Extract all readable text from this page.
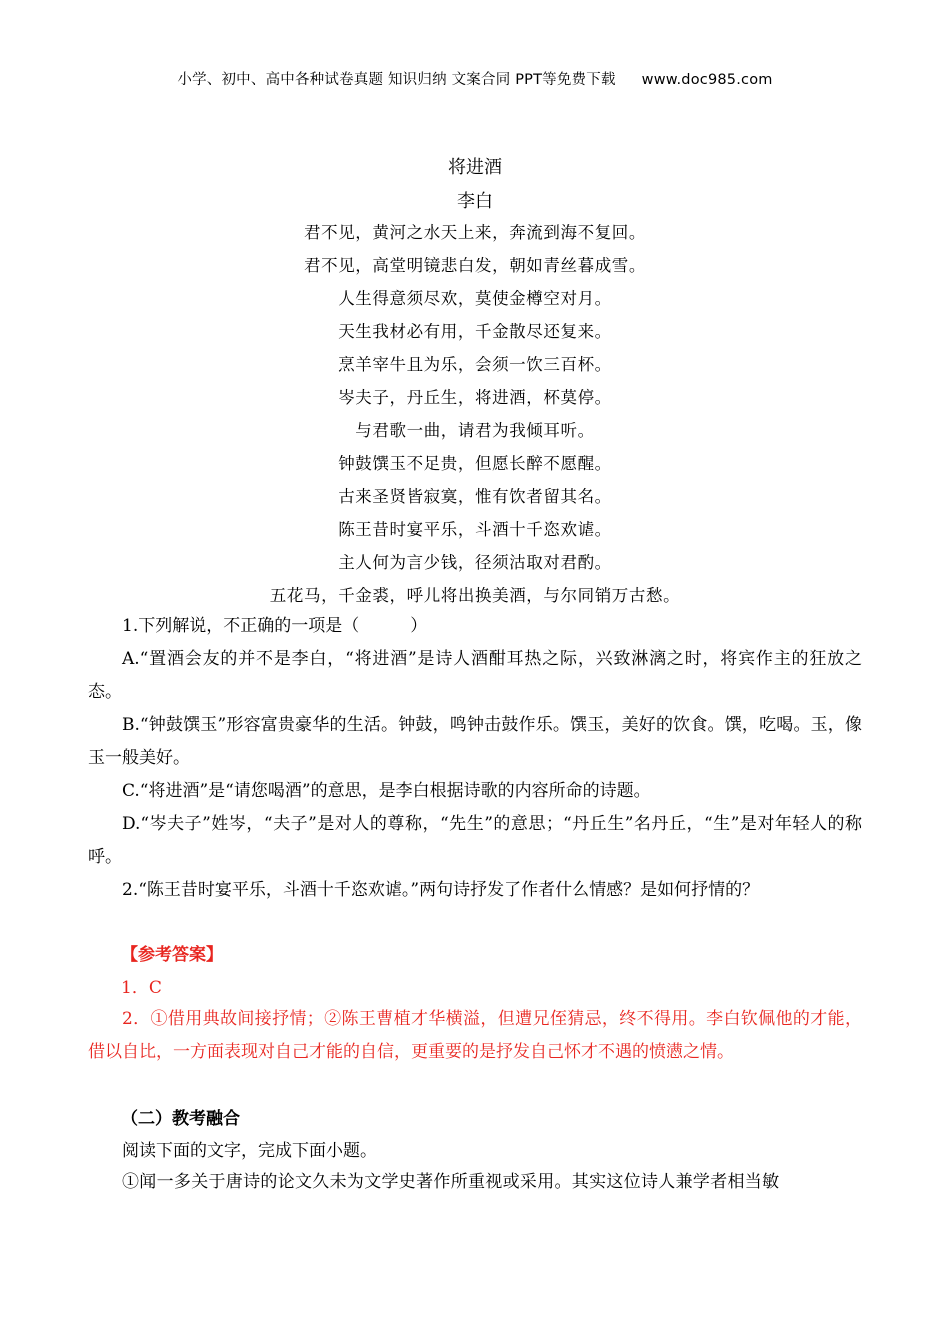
小学、初中、高中各种试卷真题 知识归纳 文案合同 PPT等免费下载 www.doc985.com
将进酒
李白
君不见，黄河之水天上来，奔流到海不复回。
君不见，高堂明镜悲白发，朝如青丝暮成雪。
人生得意须尽欢，莫使金樽空对月。
天生我材必有用，千金散尽还复来。
烹羊宰牛且为乐，会须一饮三百杯。
岑夫子，丹丘生，将进酒，杯莫停。
与君歌一曲，请君为我倾耳听。
钟鼓馔玉不足贵，但愿长醉不愿醒。
古来圣贤皆寂寞，惟有饮者留其名。
陈王昔时宴平乐，斗酒十千恣欢谑。
主人何为言少钱，径须沽取对君酌。
五花马，千金裘，呼儿将出换美酒，与尔同销万古愁。
1.下列解说，不正确的一项是（　　　）
A.“置酒会友的并不是李白，“将进酒”是诗人酒酣耳热之际，兴致淋漓之时，将宾作主的狂放之态。
B.“钟鼓馔玉”形容富贵豪华的生活。钟鼓，鸣钟击鼓作乐。馔玉，美好的饮食。馔，吃喝。玉，像玉一般美好。
C.“将进酒”是“请您喝酒”的意思，是李白根据诗歌的内容所命的诗题。
D.“岑夫子”姓岑，“夫子”是对人的尊称，“先生”的意思；“丹丘生”名丹丘，“生”是对年轻人的称呼。
2.“陈王昔时宴平乐，斗酒十千恣欢谑。”两句诗抒发了作者什么情感？是如何抒情的？
【参考答案】
1．C
2．①借用典故间接抒情；②陈王曹植才华横溢，但遭兄侄猜忌，终不得用。李白钦佩他的才能，借以自比，一方面表现对自己才能的自信，更重要的是抒发自己怀才不遇的愤懑之情。
（二）教考融合
阅读下面的文字，完成下面小题。
①闻一多关于唐诗的论文久未为文学史著作所重视或采用。其实这位诗人兼学者相当敏
